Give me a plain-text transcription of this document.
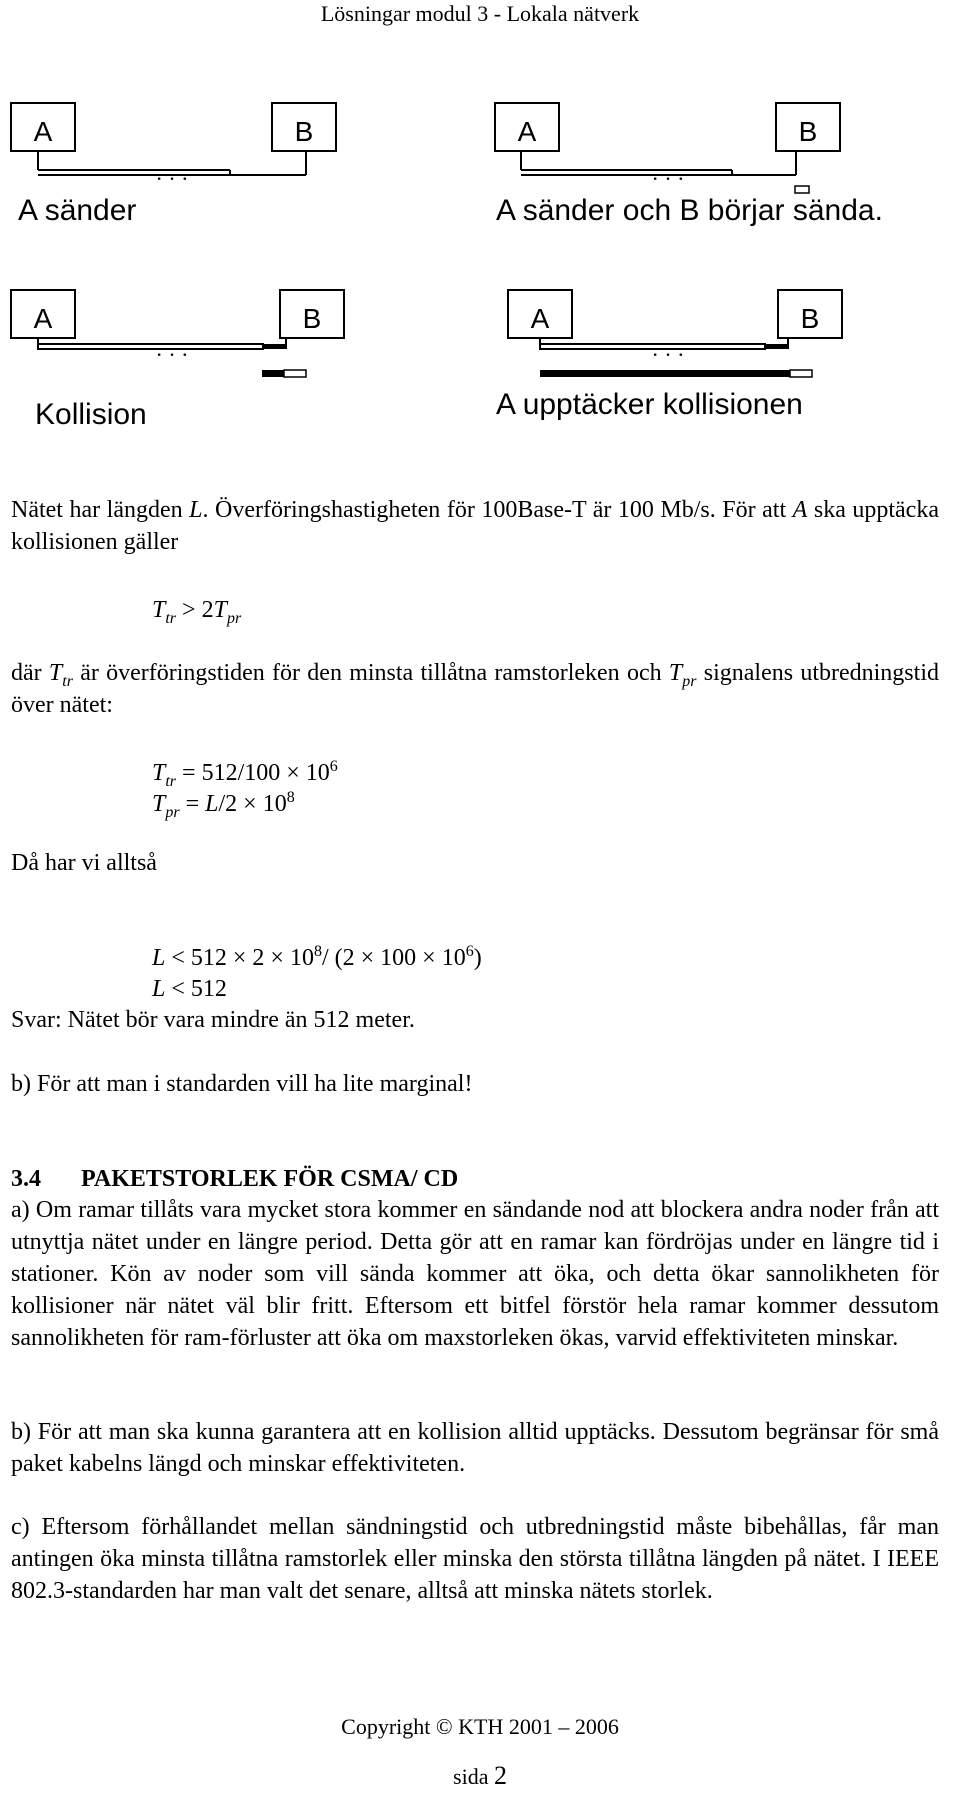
Lösningar modul 3 - Lokala nätverk
A	B
· · ·
A sänder
A	B
· · ·
A sänder och B börjar sända.
A	B
· · ·
Kollision
A	B
· · ·
A upptäcker kollisionen
Nätet har längden L. Överföringshastigheten för 100Base-T är 100 Mb/s. För att A ska upptäcka kollisionen gäller
$T_{tr} > 2T_{pr}$
där $T_{tr}$ är överföringstiden för den minsta tillåtna ramstorleken och $T_{pr}$ signalens utbredningstid över nätet:
$T_{tr} = 512/100 \times 10^6$
$T_{pr} = L/2 \times 10^8$
Då har vi alltså
$L < 512 \times 2 \times 10^8/$ $(2 \times 100 \times 10^6)$
L < 512
Svar: Nätet bör vara mindre än 512 meter.
b) För att man i standarden vill ha lite marginal!
3.4 PAKETSTORLEK FÖR CSMA/ CD
a) Om ramar tillåts vara mycket stora kommer en sändande nod att blockera andra noder från att utnyttja nätet under en längre period. Detta gör att en ramar kan fördröjas under en längre tid i stationer. Kön av noder som vill sända kommer att öka, och detta ökar sannolikheten för kollisioner när nätet väl blir fritt. Eftersom ett bitfel förstör hela ramar kommer dessutom sannolikheten för ram-förluster att öka om maxstorleken ökas, varvid effektiviteten minskar.
b) För att man ska kunna garantera att en kollision alltid upptäcks. Dessutom begränsar för små paket kabelns längd och minskar effektiviteten.
c) Eftersom förhållandet mellan sändningstid och utbredningstid måste bibehållas, får man antingen öka minsta tillåtna ramstorlek eller minska den största tillåtna längden på nätet. I IEEE 802.3-standarden har man valt det senare, alltså att minska nätets storlek.
Copyright © KTH 2001 – 2006
sida 2
